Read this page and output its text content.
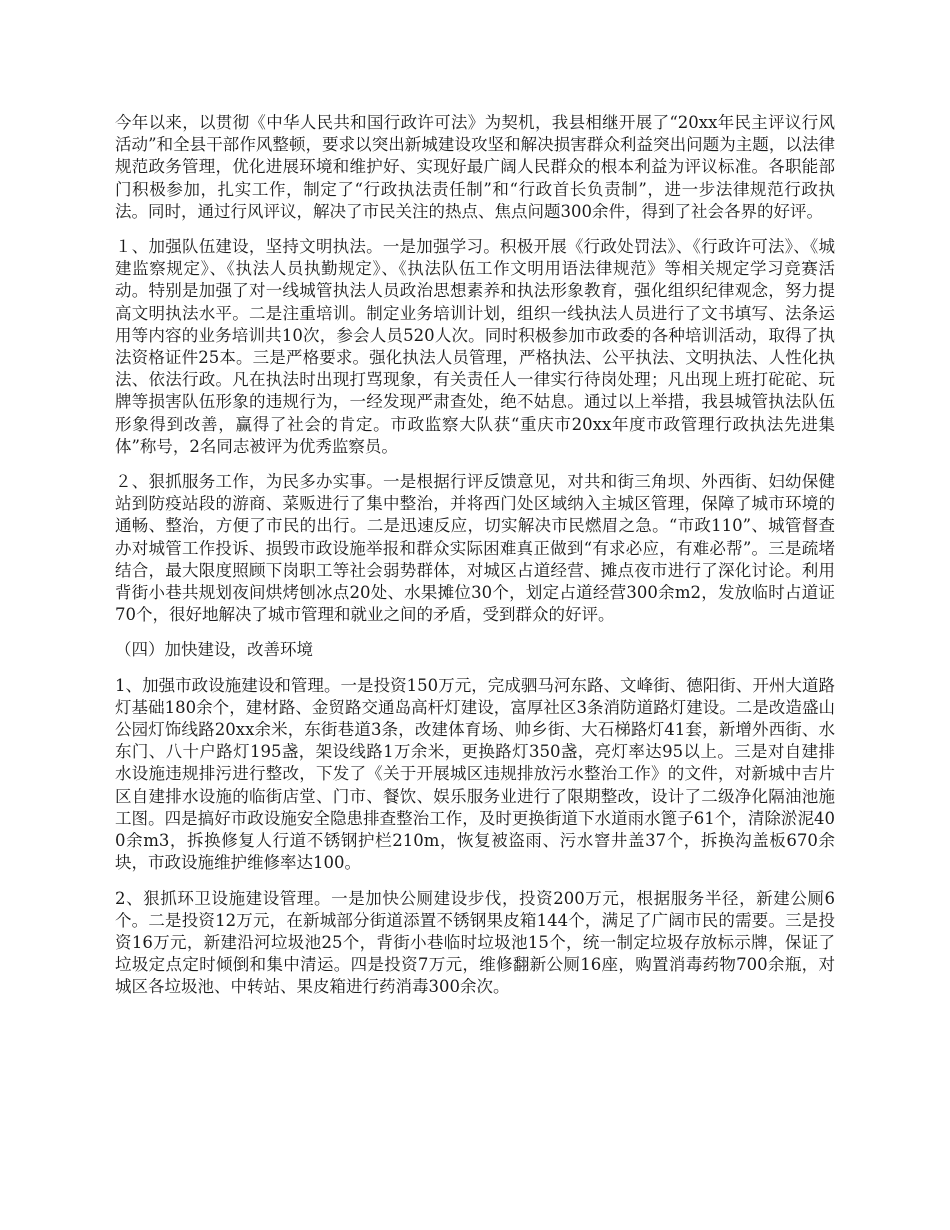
今年以来，以贯彻《中华人民共和国行政许可法》为契机，我县相继开展了“20xx年民主评议行风活动”和全县干部作风整顿，要求以突出新城建设攻坚和解决损害群众利益突出问题为主题，以法律规范政务管理，优化进展环境和维护好、实现好最广阔人民群众的根本利益为评议标准。各职能部门积极参加，扎实工作，制定了“行政执法责任制”和“行政首长负责制”，进一步法律规范行政执法。同时，通过行风评议，解决了市民关注的热点、焦点问题300余件，得到了社会各界的好评。

１、加强队伍建设，坚持文明执法。一是加强学习。积极开展《行政处罚法》、《行政许可法》、《城建监察规定》、《执法人员执勤规定》、《执法队伍工作文明用语法律规范》等相关规定学习竞赛活动。特别是加强了对一线城管执法人员政治思想素养和执法形象教育，强化组织纪律观念，努力提高文明执法水平。二是注重培训。制定业务培训计划，组织一线执法人员进行了文书填写、法条运用等内容的业务培训共10次，参会人员520人次。同时积极参加市政委的各种培训活动，取得了执法资格证件25本。三是严格要求。强化执法人员管理，严格执法、公平执法、文明执法、人性化执法、依法行政。凡在执法时出现打骂现象，有关责任人一律实行待岗处理；凡出现上班打砣砣、玩牌等损害队伍形象的违规行为，一经发现严肃查处，绝不姑息。通过以上举措，我县城管执法队伍形象得到改善，赢得了社会的肯定。市政监察大队获“重庆市20xx年度市政管理行政执法先进集体”称号，2名同志被评为优秀监察员。

２、狠抓服务工作，为民多办实事。一是根据行评反馈意见，对共和街三角坝、外西街、妇幼保健站到防疫站段的游商、菜贩进行了集中整治，并将西门处区域纳入主城区管理，保障了城市环境的通畅、整治，方便了市民的出行。二是迅速反应，切实解决市民燃眉之急。“市政110”、城管督查办对城管工作投诉、损毁市政设施举报和群众实际困难真正做到“有求必应，有难必帮”。三是疏堵结合，最大限度照顾下岗职工等社会弱势群体，对城区占道经营、摊点夜市进行了深化讨论。利用背街小巷共规划夜间烘烤刨冰点20处、水果摊位30个，划定占道经营300余m2，发放临时占道证70个，很好地解决了城市管理和就业之间的矛盾，受到群众的好评。

（四）加快建设，改善环境

1、加强市政设施建设和管理。一是投资150万元，完成驷马河东路、文峰街、德阳街、开州大道路灯基础180余个，建材路、金贸路交通岛高杆灯建设，富厚社区3条消防道路灯建设。二是改造盛山公园灯饰线路20xx余米，东街巷道3条，改建体育场、帅乡街、大石梯路灯41套，新增外西街、水东门、八十户路灯195盏，架设线路1万余米，更换路灯350盏，亮灯率达95以上。三是对自建排水设施违规排污进行整改，下发了《关于开展城区违规排放污水整治工作》的文件，对新城中吉片区自建排水设施的临街店堂、门市、餐饮、娱乐服务业进行了限期整改，设计了二级净化隔油池施工图。四是搞好市政设施安全隐患排查整治工作，及时更换街道下水道雨水篦子61个，清除淤泥400余m3，拆换修复人行道不锈钢护栏210m，恢复被盗雨、污水窨井盖37个，拆换沟盖板670余块，市政设施维护维修率达100。

2、狠抓环卫设施建设管理。一是加快公厕建设步伐，投资200万元，根据服务半径，新建公厕6个。二是投资12万元，在新城部分街道添置不锈钢果皮箱144个，满足了广阔市民的需要。三是投资16万元，新建沿河垃圾池25个，背街小巷临时垃圾池15个，统一制定垃圾存放标示牌，保证了垃圾定点定时倾倒和集中清运。四是投资7万元，维修翻新公厕16座，购置消毒药物700余瓶，对城区各垃圾池、中转站、果皮箱进行药消毒300余次。
